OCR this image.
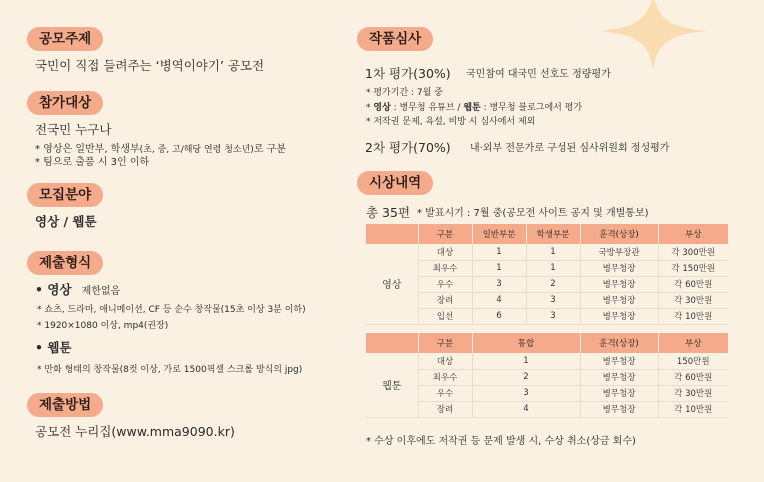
공모주제
국민이 직접 들려주는 ‘병역이야기’ 공모전
참가대상
전국민 누구나
* 영상은 일반부, 학생부(초, 중, 고/해당 연령 청소년)로 구분
* 팀으로 출품 시 3인 이하
모집분야
영상 / 웹툰
제출형식
• 영상 제한없음
* 쇼츠, 드라마, 애니메이션, CF 등 순수 창작물(15초 이상 3분 이하)
* 1920×1080 이상, mp4(권장)
• 웹툰
* 만화 형태의 창작물(8컷 이상, 가로 1500픽셀 스크롤 방식의 jpg)
제출방법
공모전 누리집(www.mma9090.kr)
작품심사
1차 평가(30%) 국민참여 대국민 선호도 정량평가
* 평가기간 : 7월 중
* 영상 : 병무청 유튜브 / 웹툰 : 병무청 블로그에서 평가
* 저작권 문제, 욕설, 비방 시 심사에서 제외
2차 평가(70%) 내·외부 전문가로 구성된 심사위원회 정성평가
시상내역
총 35편 * 발표시기 : 7월 중(공모전 사이트 공지 및 개별통보)
	구분	일반부분	학생부분	훈격(상장)	부상
영상	대상	1	1	국방부장관	각 300만원
	최우수	1	1	병무청장	각 150만원
	우수	3	2	병무청장	각 60만원
	장려	4	3	병무청장	각 30만원
	입선	6	3	병무청장	각 10만원
	구분	통합	훈격(상장)	부상
웹툰	대상	1	병무청장	150만원
	최우수	2	병무청장	각 60만원
	우수	3	병무청장	각 30만원
	장려	4	병무청장	각 10만원
* 수상 이후에도 저작권 등 문제 발생 시, 수상 취소(상금 회수)
